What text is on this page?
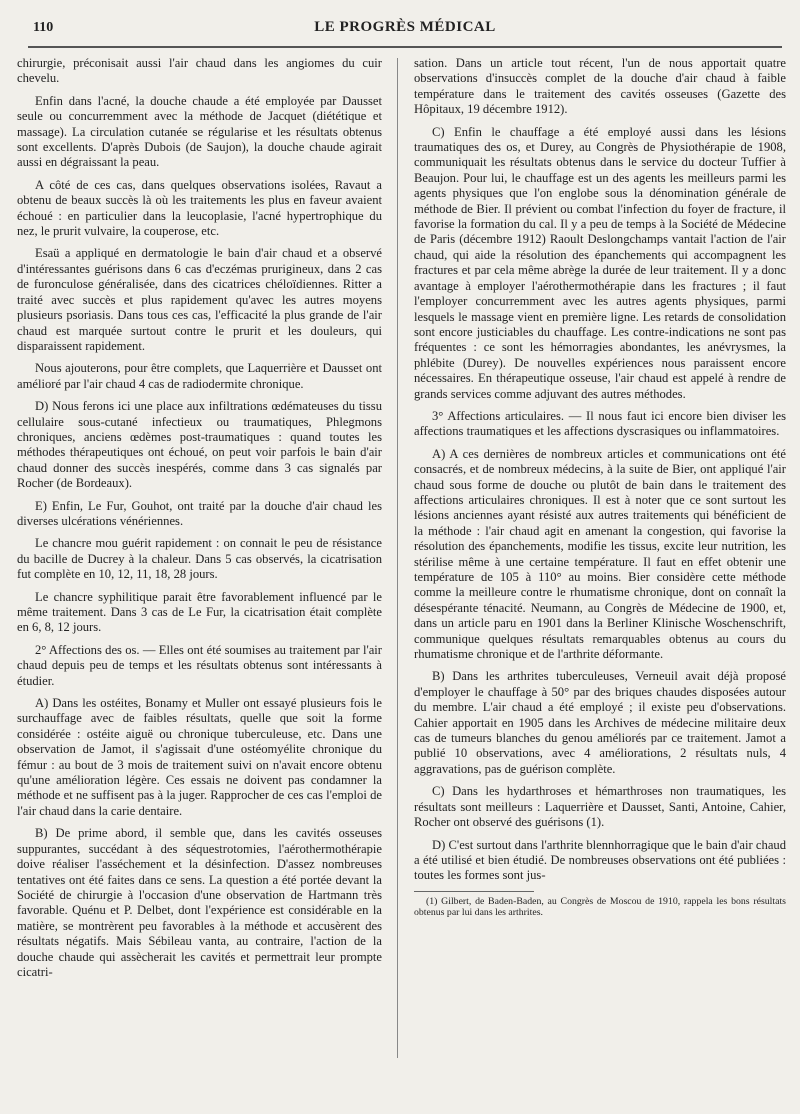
110	LE PROGRÈS MÉDICAL

chirurgie, préconisait aussi l'air chaud dans les angiomes du cuir chevelu.

Enfin dans l'acné, la douche chaude a été employée par Dausset seule ou concurremment avec la méthode de Jacquet (diététique et massage). La circulation cutanée se régularise et les résultats obtenus sont excellents. D'après Dubois (de Saujon), la douche chaude agirait aussi en dégraissant la peau.

A côté de ces cas, dans quelques observations isolées, Ravaut a obtenu de beaux succès là où les traitements les plus en faveur avaient échoué : en particulier dans la leucoplasie, l'acné hypertrophique du nez, le prurit vulvaire, la couperose, etc.

Esaü a appliqué en dermatologie le bain d'air chaud et a observé d'intéressantes guérisons dans 6 cas d'eczémas prurigineux, dans 2 cas de furonculose généralisée, dans des cicatrices chéloïdiennes. Ritter a traité avec succès et plus rapidement qu'avec les autres moyens plusieurs psoriasis. Dans tous ces cas, l'efficacité la plus grande de l'air chaud est marquée surtout contre le prurit et les douleurs, qui disparaissent rapidement.

Nous ajouterons, pour être complets, que Laquerrière et Dausset ont amélioré par l'air chaud 4 cas de radiodermite chronique.

D) Nous ferons ici une place aux infiltrations œdémateuses du tissu cellulaire sous-cutané infectieux ou traumatiques, Phlegmons chroniques, anciens œdèmes post-traumatiques : quand toutes les méthodes thérapeutiques ont échoué, on peut voir parfois le bain d'air chaud donner des succès inespérés, comme dans 3 cas signalés par Rocher (de Bordeaux).

E) Enfin, Le Fur, Gouhot, ont traité par la douche d'air chaud les diverses ulcérations vénériennes.

Le chancre mou guérit rapidement : on connait le peu de résistance du bacille de Ducrey à la chaleur. Dans 5 cas observés, la cicatrisation fut complète en 10, 12, 11, 18, 28 jours.

Le chancre syphilitique parait être favorablement influencé par le même traitement. Dans 3 cas de Le Fur, la cicatrisation était complète en 6, 8, 12 jours.

2° Affections des os. — Elles ont été soumises au traitement par l'air chaud depuis peu de temps et les résultats obtenus sont intéressants à étudier.

A) Dans les ostéites, Bonamy et Muller ont essayé plusieurs fois le surchauffage avec de faibles résultats, quelle que soit la forme considérée : ostéite aiguë ou chronique tuberculeuse, etc. Dans une observation de Jamot, il s'agissait d'une ostéomyélite chronique du fémur : au bout de 3 mois de traitement suivi on n'avait encore obtenu qu'une amélioration légère. Ces essais ne doivent pas condamner la méthode et ne suffisent pas à la juger. Rapprocher de ces cas l'emploi de l'air chaud dans la carie dentaire.

B) De prime abord, il semble que, dans les cavités osseuses suppurantes, succédant à des séquestrotomies, l'aérothermothérapie doive réaliser l'asséchement et la désinfection. D'assez nombreuses tentatives ont été faites dans ce sens. La question a été portée devant la Société de chirurgie à l'occasion d'une observation de Hartmann très favorable. Quénu et P. Delbet, dont l'expérience est considérable en la matière, se montrèrent peu favorables à la méthode et accusèrent des résultats négatifs. Mais Sébileau vanta, au contraire, l'action de la douche chaude qui assècherait les cavités et permettrait leur prompte cicatri-

sation. Dans un article tout récent, l'un de nous apportait quatre observations d'insuccès complet de la douche d'air chaud à faible température dans le traitement des cavités osseuses (Gazette des Hôpitaux, 19 décembre 1912).

C) Enfin le chauffage a été employé aussi dans les lésions traumatiques des os, et Durey, au Congrès de Physiothérapie de 1908, communiquait les résultats obtenus dans le service du docteur Tuffier à Beaujon. Pour lui, le chauffage est un des agents les meilleurs parmi les agents physiques que l'on englobe sous la dénomination générale de méthode de Bier. Il prévient ou combat l'infection du foyer de fracture, il favorise la formation du cal. Il y a peu de temps à la Société de Médecine de Paris (décembre 1912) Raoult Deslongchamps vantait l'action de l'air chaud, qui aide la résolution des épanchements qui accompagnent les fractures et par cela même abrège la durée de leur traitement. Il y a donc avantage à employer l'aérothermothérapie dans les fractures ; il faut l'employer concurremment avec les autres agents physiques, parmi lesquels le massage vient en première ligne. Les retards de consolidation sont encore justiciables du chauffage. Les contre-indications ne sont pas fréquentes : ce sont les hémorragies abondantes, les anévrysmes, la phlébite (Durey). De nouvelles expériences nous paraissent encore nécessaires. En thérapeutique osseuse, l'air chaud est appelé à rendre de grands services comme adjuvant des autres méthodes.

3° Affections articulaires. — Il nous faut ici encore bien diviser les affections traumatiques et les affections dyscrasiques ou inflammatoires.

A) A ces dernières de nombreux articles et communications ont été consacrés, et de nombreux médecins, à la suite de Bier, ont appliqué l'air chaud sous forme de douche ou plutôt de bain dans le traitement des affections articulaires chroniques. Il est à noter que ce sont surtout les lésions anciennes ayant résisté aux autres traitements qui bénéficient de la méthode : l'air chaud agit en amenant la congestion, qui favorise la résolution des épanchements, modifie les tissus, excite leur nutrition, les stérilise même à une certaine température. Il faut en effet obtenir une température de 105 à 110° au moins. Bier considère cette méthode comme la meilleure contre le rhumatisme chronique, dont on connaît la désespérante ténacité. Neumann, au Congrès de Médecine de 1900, et, dans un article paru en 1901 dans la Berliner Klinische Woschenschrift, communique quelques résultats remarquables obtenus au cours du rhumatisme chronique et de l'arthrite déformante.

B) Dans les arthrites tuberculeuses, Verneuil avait déjà proposé d'employer le chauffage à 50° par des briques chaudes disposées autour du membre. L'air chaud a été employé ; il existe peu d'observations. Cahier apportait en 1905 dans les Archives de médecine militaire deux cas de tumeurs blanches du genou améliorés par ce traitement. Jamot a publié 10 observations, avec 4 améliorations, 2 résultats nuls, 4 aggravations, pas de guérison complète.

C) Dans les hydarthroses et hémarthroses non traumatiques, les résultats sont meilleurs : Laquerrière et Dausset, Santi, Antoine, Cahier, Rocher ont observé des guérisons (1).

D) C'est surtout dans l'arthrite blennhorragique que le bain d'air chaud a été utilisé et bien étudié. De nombreuses observations ont été publiées : toutes les formes sont jus-

(1) Gilbert, de Baden-Baden, au Congrès de Moscou de 1910, rappela les bons résultats obtenus par lui dans les arthrites.
